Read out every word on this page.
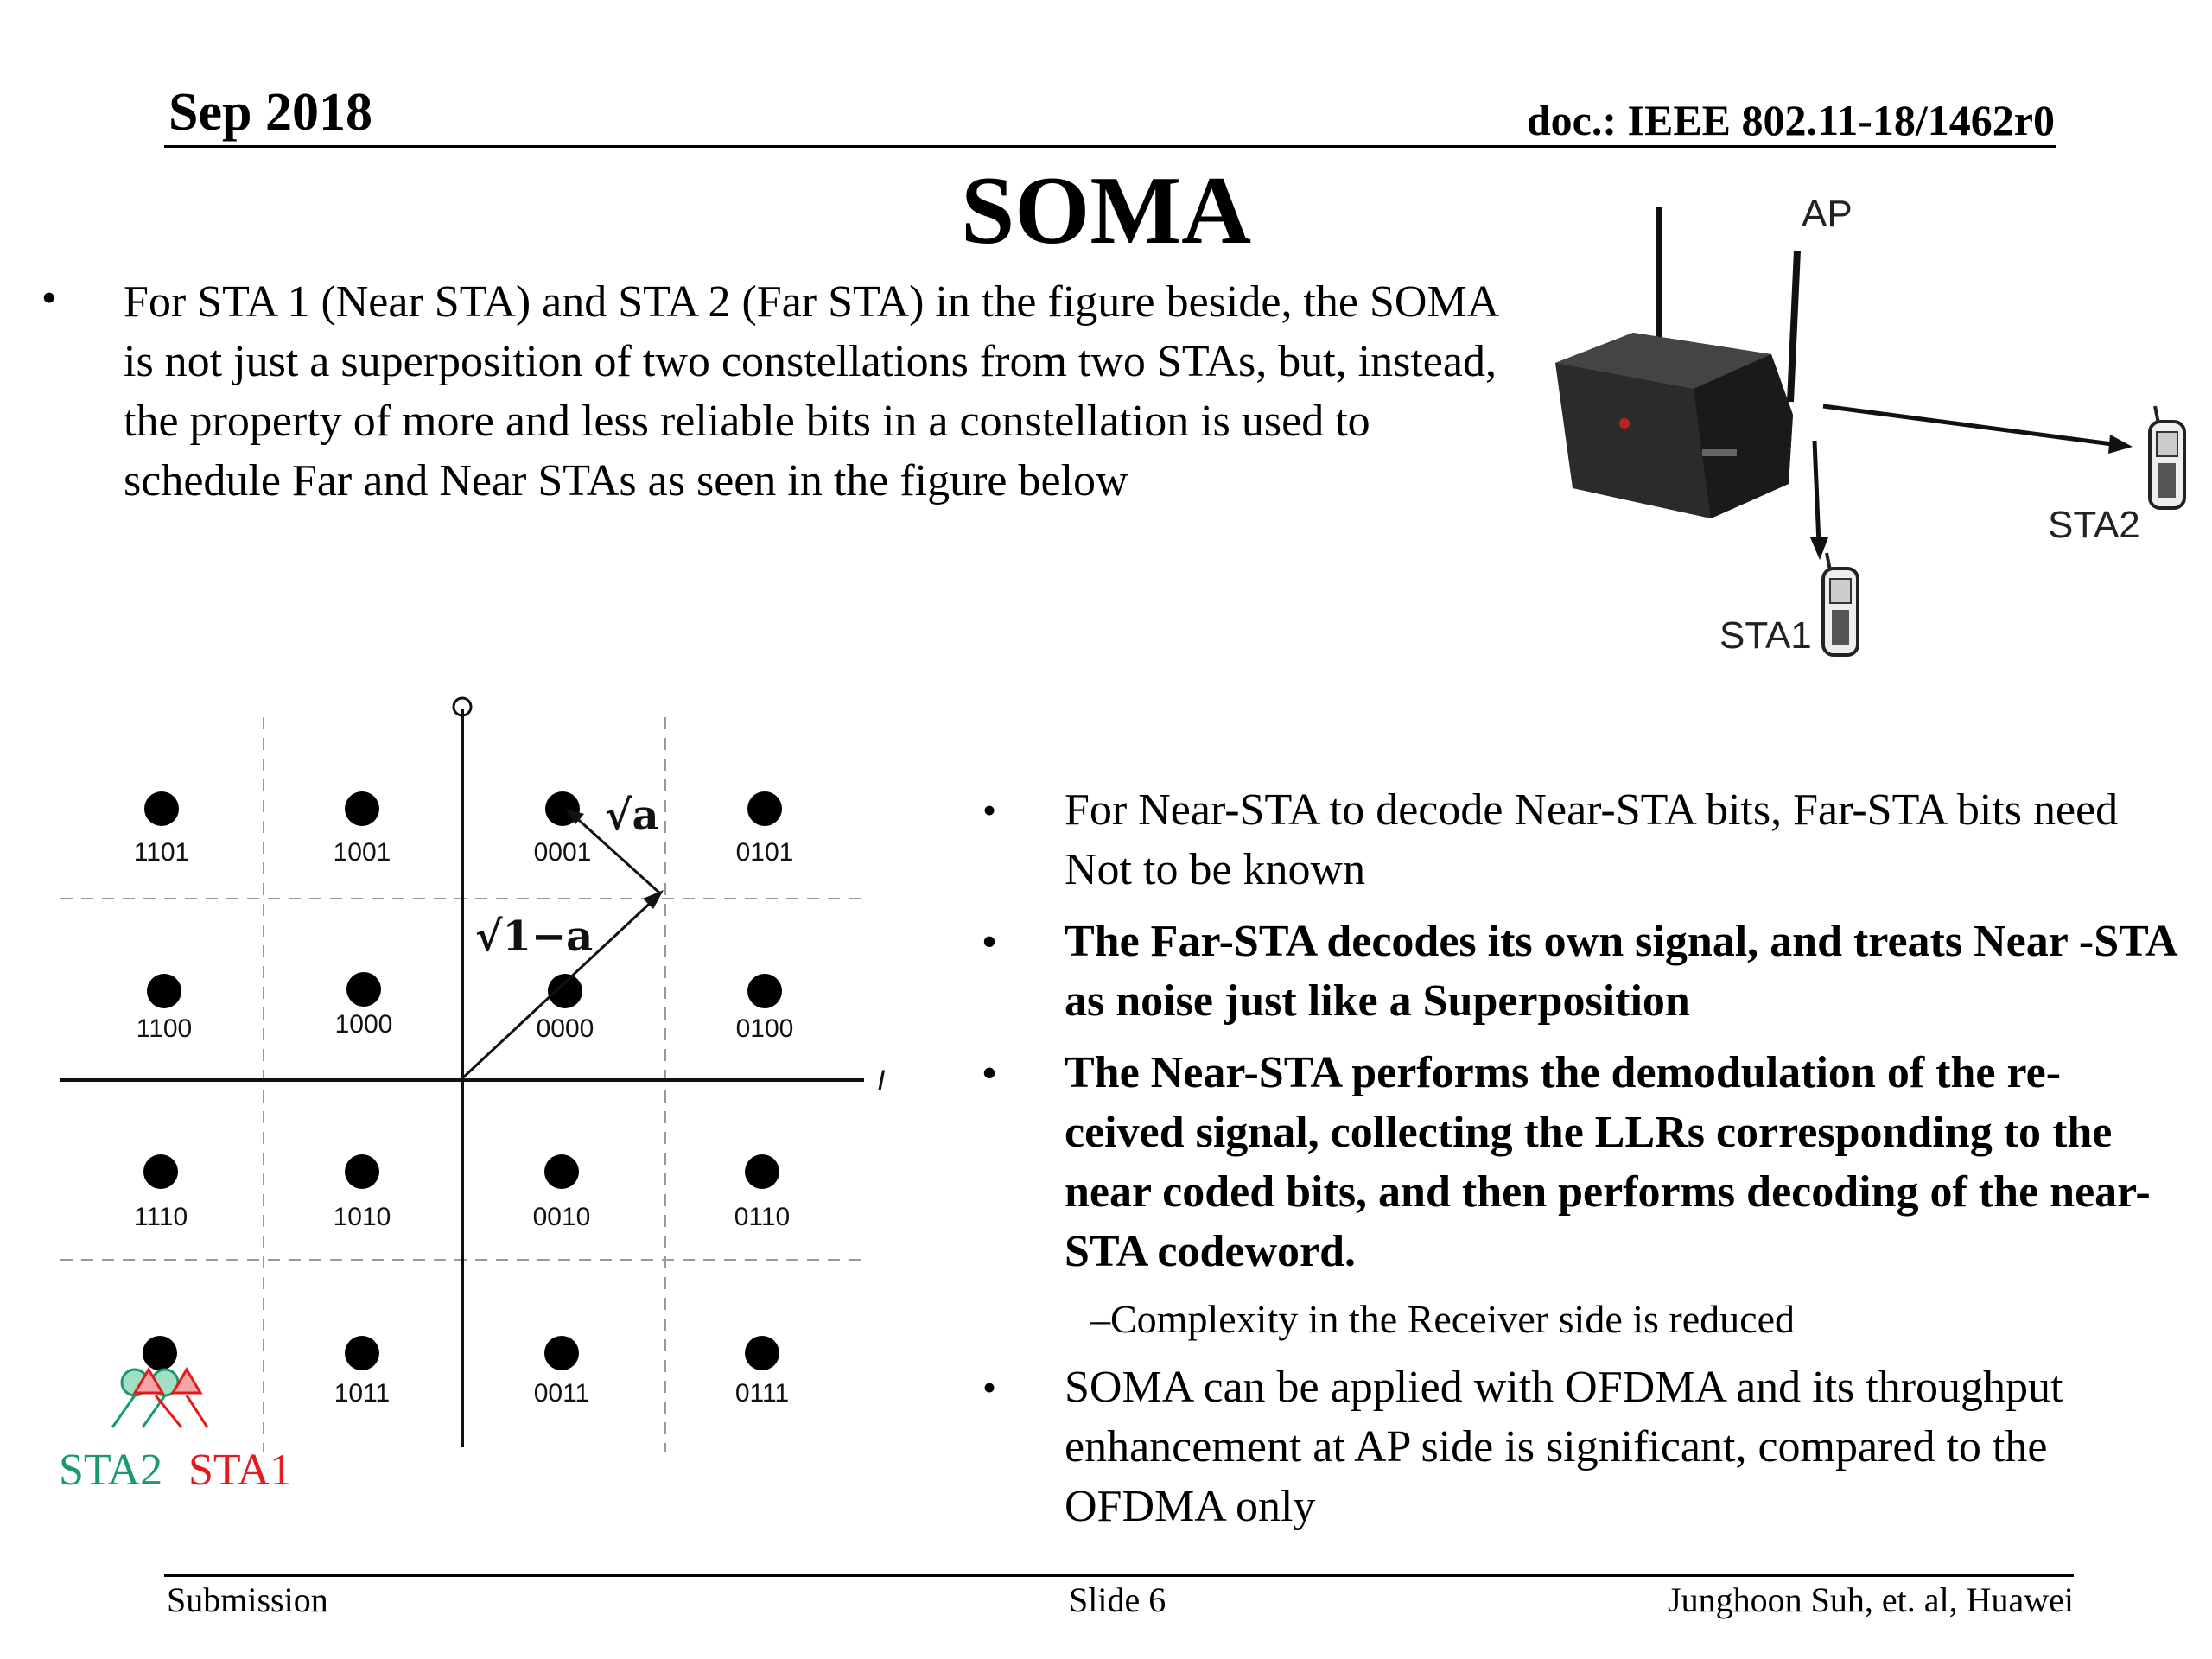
Sep 2018	doc.: IEEE 802.11-18/1462r0
SOMA
• For STA 1 (Near STA) and STA 2 (Far STA) in the figure beside, the SOMA is not just a superposition of two constellations from two STAs, but, instead, the property of more and less reliable bits in a constellation is used to schedule Far and Near STAs as seen in the figure below
AP
STA2
STA1
I
1101	1001	0001	0101
1100	1000	0000	0100
1110	1010	0010	0110
1011	0011	0111
√a
√1−a
STA2 STA1
• For Near-STA to decode Near-STA bits, Far-STA bits need Not to be known
• The Far-STA decodes its own signal, and treats Near -STA as noise just like a Superposition
• The Near-STA performs the demodulation of the re-ceived signal, collecting the LLRs corresponding to the near coded bits, and then performs decoding of the near-STA codeword.
–Complexity in the Receiver side is reduced
• SOMA can be applied with OFDMA and its throughput enhancement at AP side is significant, compared to the OFDMA only
Submission	Slide 6	Junghoon Suh, et. al, Huawei
